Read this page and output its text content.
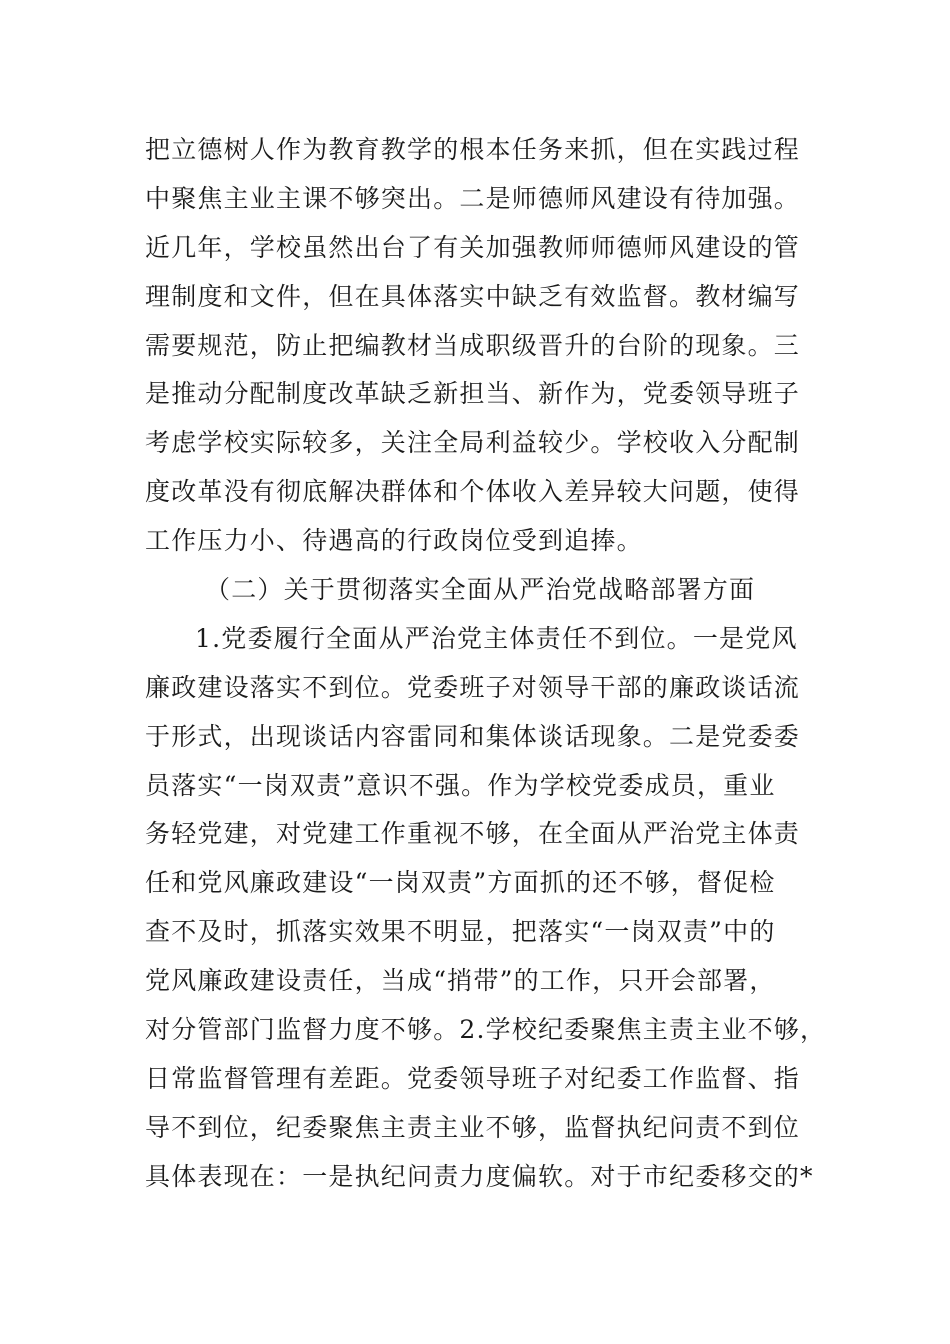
把立德树人作为教育教学的根本任务来抓，但在实践过程
中聚焦主业主课不够突出。二是师德师风建设有待加强。
近几年，学校虽然出台了有关加强教师师德师风建设的管
理制度和文件，但在具体落实中缺乏有效监督。教材编写
需要规范，防止把编教材当成职级晋升的台阶的现象。三
是推动分配制度改革缺乏新担当、新作为，党委领导班子
考虑学校实际较多，关注全局利益较少。学校收入分配制
度改革没有彻底解决群体和个体收入差异较大问题，使得
工作压力小、待遇高的行政岗位受到追捧。
（二）关于贯彻落实全面从严治党战略部署方面
1.党委履行全面从严治党主体责任不到位。一是党风
廉政建设落实不到位。党委班子对领导干部的廉政谈话流
于形式，出现谈话内容雷同和集体谈话现象。二是党委委
员落实“一岗双责”意识不强。作为学校党委成员，重业
务轻党建，对党建工作重视不够，在全面从严治党主体责
任和党风廉政建设“一岗双责”方面抓的还不够，督促检
查不及时，抓落实效果不明显，把落实“一岗双责”中的
党风廉政建设责任，当成“捎带”的工作，只开会部署，
对分管部门监督力度不够。2.学校纪委聚焦主责主业不够，
日常监督管理有差距。党委领导班子对纪委工作监督、指
导不到位，纪委聚焦主责主业不够，监督执纪问责不到位
具体表现在：一是执纪问责力度偏软。对于市纪委移交的*
